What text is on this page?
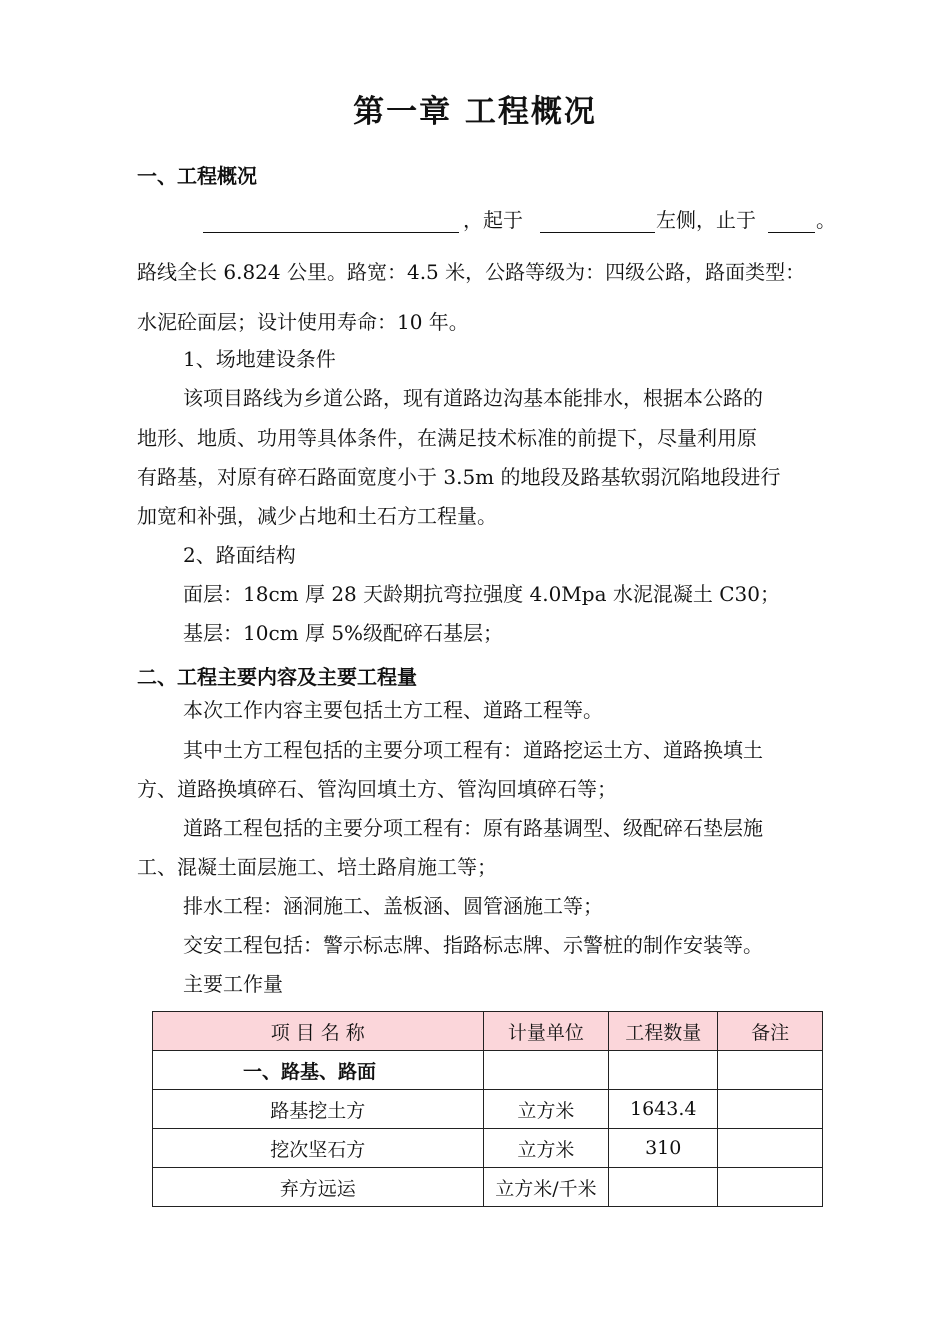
第一章 工程概况
一、工程概况
，起于	左侧，止于	。
路线全长 6.824 公里。路宽：4.5 米，公路等级为：四级公路，路面类型：
水泥砼面层；设计使用寿命：10 年。
1、场地建设条件
该项目路线为乡道公路，现有道路边沟基本能排水，根据本公路的
地形、地质、功用等具体条件，在满足技术标准的前提下，尽量利用原
有路基，对原有碎石路面宽度小于 3.5m 的地段及路基软弱沉陷地段进行
加宽和补强，减少占地和土石方工程量。
2、路面结构
面层：18cm 厚 28 天龄期抗弯拉强度 4.0Mpa 水泥混凝土 C30；
基层：10cm 厚 5%级配碎石基层；
二、工程主要内容及主要工程量
本次工作内容主要包括土方工程、道路工程等。
其中土方工程包括的主要分项工程有：道路挖运土方、道路换填土
方、道路换填碎石、管沟回填土方、管沟回填碎石等；
道路工程包括的主要分项工程有：原有路基调型、级配碎石垫层施
工、混凝土面层施工、培土路肩施工等；
排水工程：涵洞施工、盖板涵、圆管涵施工等；
交安工程包括：警示标志牌、指路标志牌、示警桩的制作安装等。
主要工作量
项 目 名 称	计量单位	工程数量	备注
一、路基、路面			
路基挖土方	立方米	1643.4	
挖次坚石方	立方米	310	
弃方远运	立方米/千米		
